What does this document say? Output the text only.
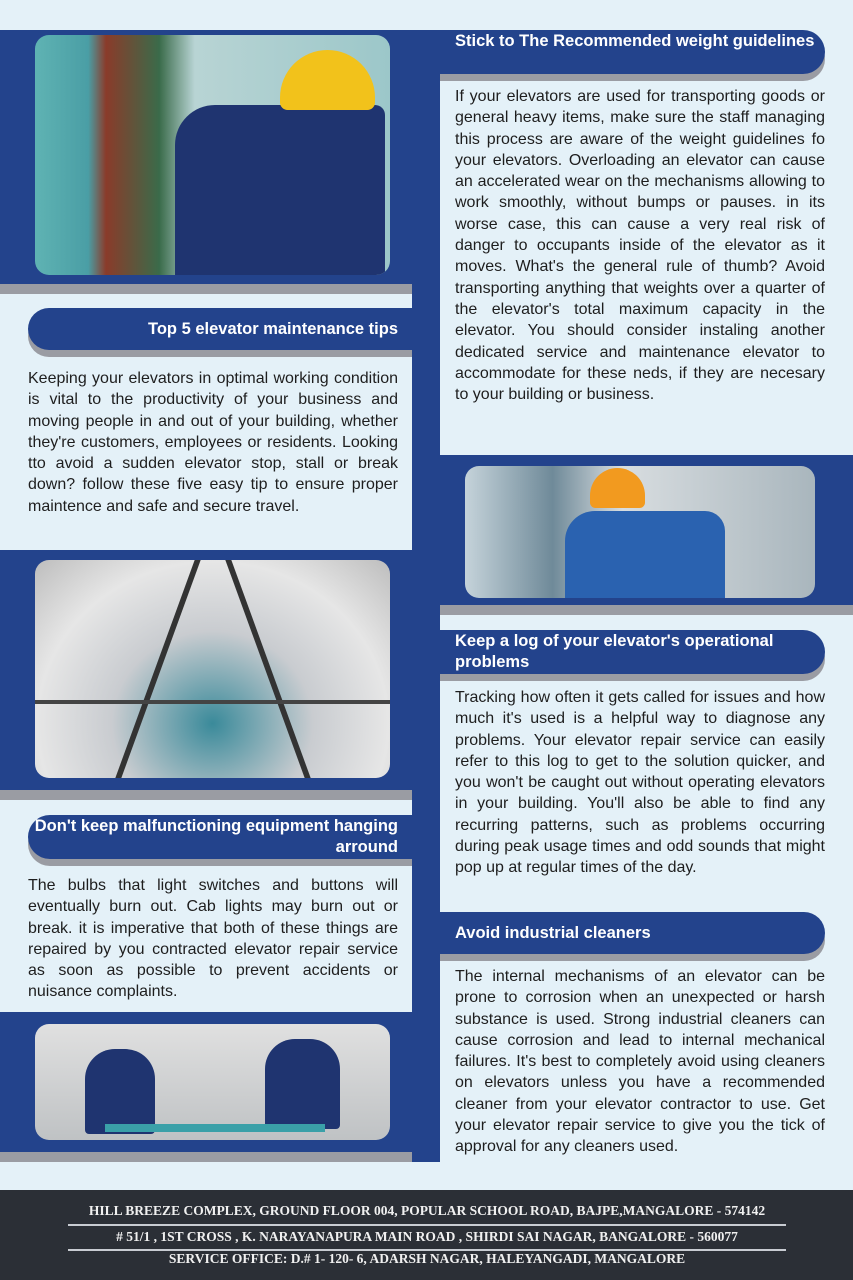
Top 5 elevator maintenance tips
Keeping your elevators in optimal working condition is vital to the productivity of your business and moving people in and out of your building, whether they're customers, employees or residents. Looking tto avoid a sudden elevator stop, stall or break down? follow these five easy tip to ensure proper maintence and safe and secure travel.
Don't keep malfunctioning equipment hanging arround
The bulbs that light switches and buttons will eventually burn out. Cab lights may burn out or break. it is imperative that both of these things are repaired by you contracted elevator repair service as soon as possible to prevent accidents or nuisance complaints.
Stick to The Recommended weight guidelines
If your elevators are used for transporting goods or general heavy items, make sure the staff managing this process are aware of the weight guidelines fo your elevators. Overloading an elevator can cause an accelerated wear on the mechanisms allowing to work smoothly, without bumps or pauses. in its worse case, this can cause a very real risk of danger to occupants inside of the elevator as it moves. What's the general rule of thumb? Avoid transporting anything that weights over a quarter of the elevator's total maximum capacity in the elevator. You should consider instaling another dedicated service and maintenance elevator to accommodate for these neds, if they are necesary to your building or business.
Keep a log of your elevator's operational problems
Tracking how often it gets called for issues and how much it's used is a helpful way to diagnose any problems. Your elevator repair service can easily refer to this log to get to the solution quicker, and you won't be caught out without operating elevators in your building. You'll also be able to find any recurring patterns, such as problems occurring during peak usage times and odd sounds that might pop up at regular times of the day.
Avoid industrial cleaners
The internal mechanisms of an elevator can be prone to corrosion when an unexpected or harsh substance is used. Strong industrial cleaners can cause corrosion and lead to internal mechanical failures. It's best to completely avoid using cleaners on elevators unless you have a recommended cleaner from your elevator contractor to use. Get your elevator repair service to give you the tick of approval for any cleaners used.
HILL BREEZE COMPLEX, GROUND FLOOR 004, POPULAR SCHOOL ROAD, BAJPE,MANGALORE - 574142
# 51/1 , 1ST CROSS , K. NARAYANAPURA MAIN ROAD , SHIRDI SAI NAGAR, BANGALORE - 560077
SERVICE OFFICE: D.# 1- 120- 6, ADARSH NAGAR, HALEYANGADI, MANGALORE
